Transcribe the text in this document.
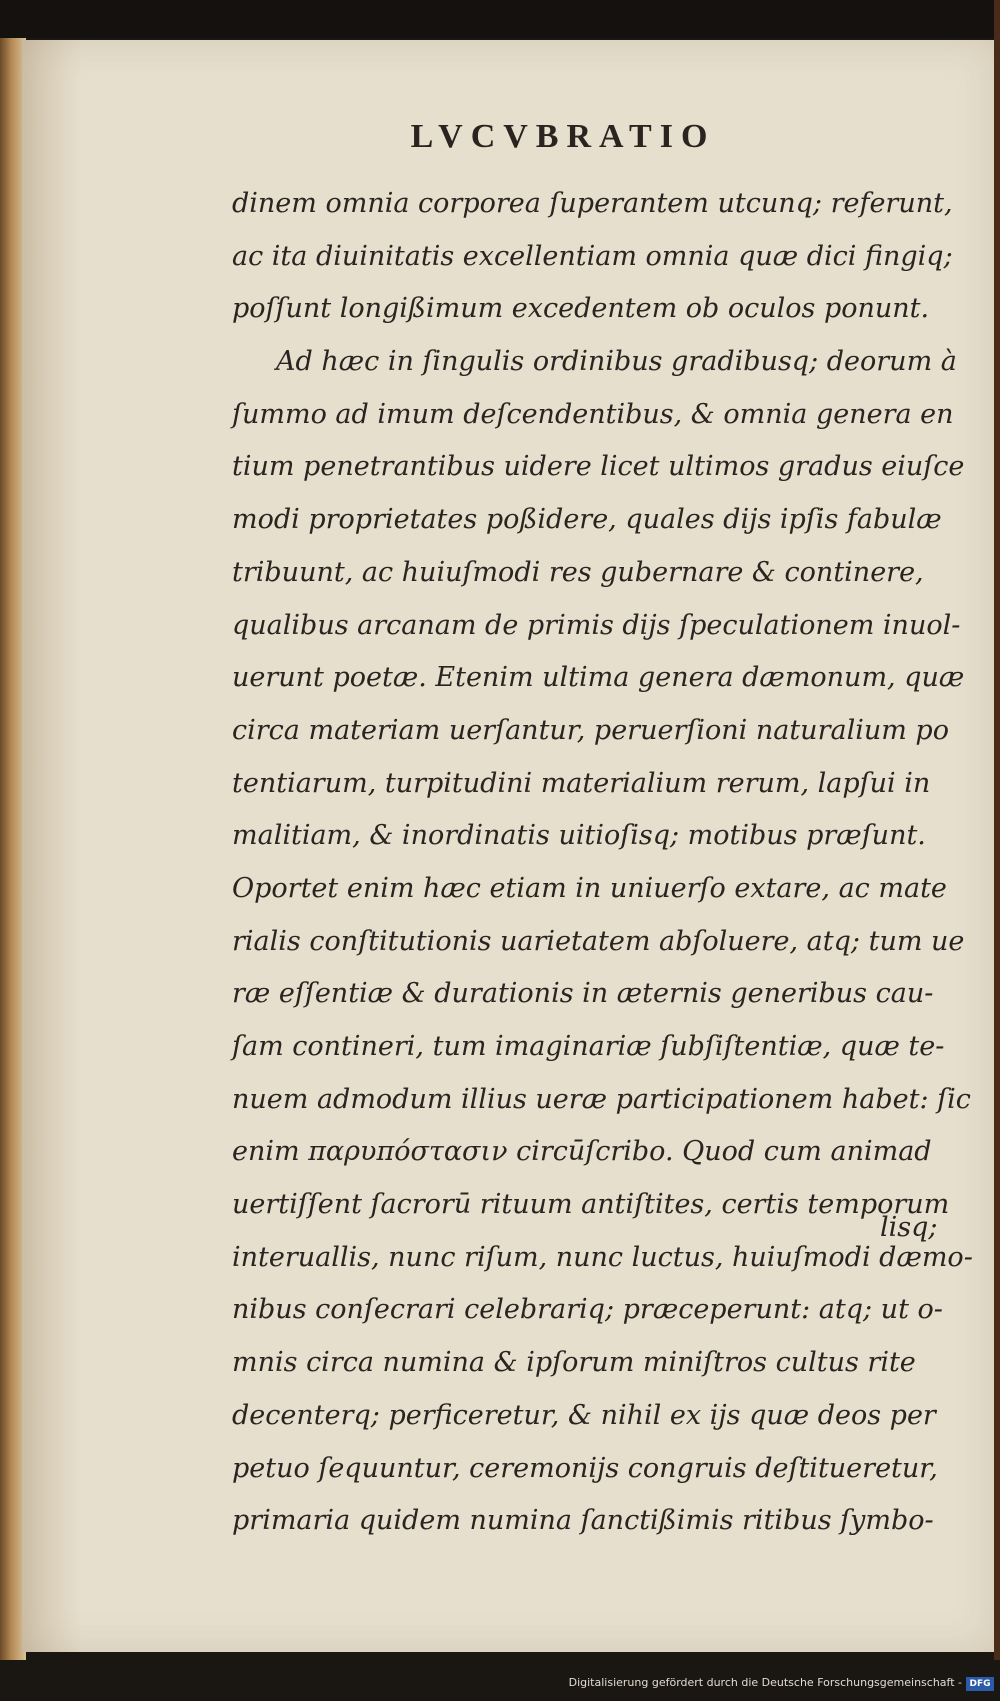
LVCVBRATIO
dinem omnia corporea ſuperantem utcunq; referunt,
ac ita diuinitatis excellentiam omnia quæ dici fingiq;
poſſunt longißimum excedentem ob oculos ponunt.
Ad hæc in ſingulis ordinibus gradibusq; deorum à
ſummo ad imum deſcendentibus, & omnia genera en
tium penetrantibus uidere licet ultimos gradus eiuſce
modi proprietates poßidere, quales dijs ipſis fabulæ
tribuunt, ac huiuſmodi res gubernare & continere,
qualibus arcanam de primis dijs ſpeculationem inuol-
uerunt poetæ. Etenim ultima genera dæmonum, quæ
circa materiam uerſantur, peruerſioni naturalium po
tentiarum, turpitudini materialium rerum, lapſui in
malitiam, & inordinatis uitioſisq; motibus præſunt.
Oportet enim hæc etiam in uniuerſo extare, ac mate
rialis conſtitutionis uarietatem abſoluere, atq; tum ue
ræ eſſentiæ & durationis in æternis generibus cau-
ſam contineri, tum imaginariæ ſubſiſtentiæ, quæ te-
nuem admodum illius ueræ participationem habet: ſic
enim παρυπόστασιν circūſcribo. Quod cum animad
uertiſſent ſacrorū rituum antiſtites, certis temporum
interuallis, nunc riſum, nunc luctus, huiuſmodi dæmo-
nibus conſecrari celebrariq; præceperunt: atq; ut o-
mnis circa numina & ipſorum miniſtros cultus rite
decenterq; perficeretur, & nihil ex ijs quæ deos per
petuo ſequuntur, ceremonijs congruis deſtitueretur,
primaria quidem numina ſanctißimis ritibus ſymbo-
lisq;
Digitalisierung gefördert durch die Deutsche Forschungsgemeinschaft - DFG
